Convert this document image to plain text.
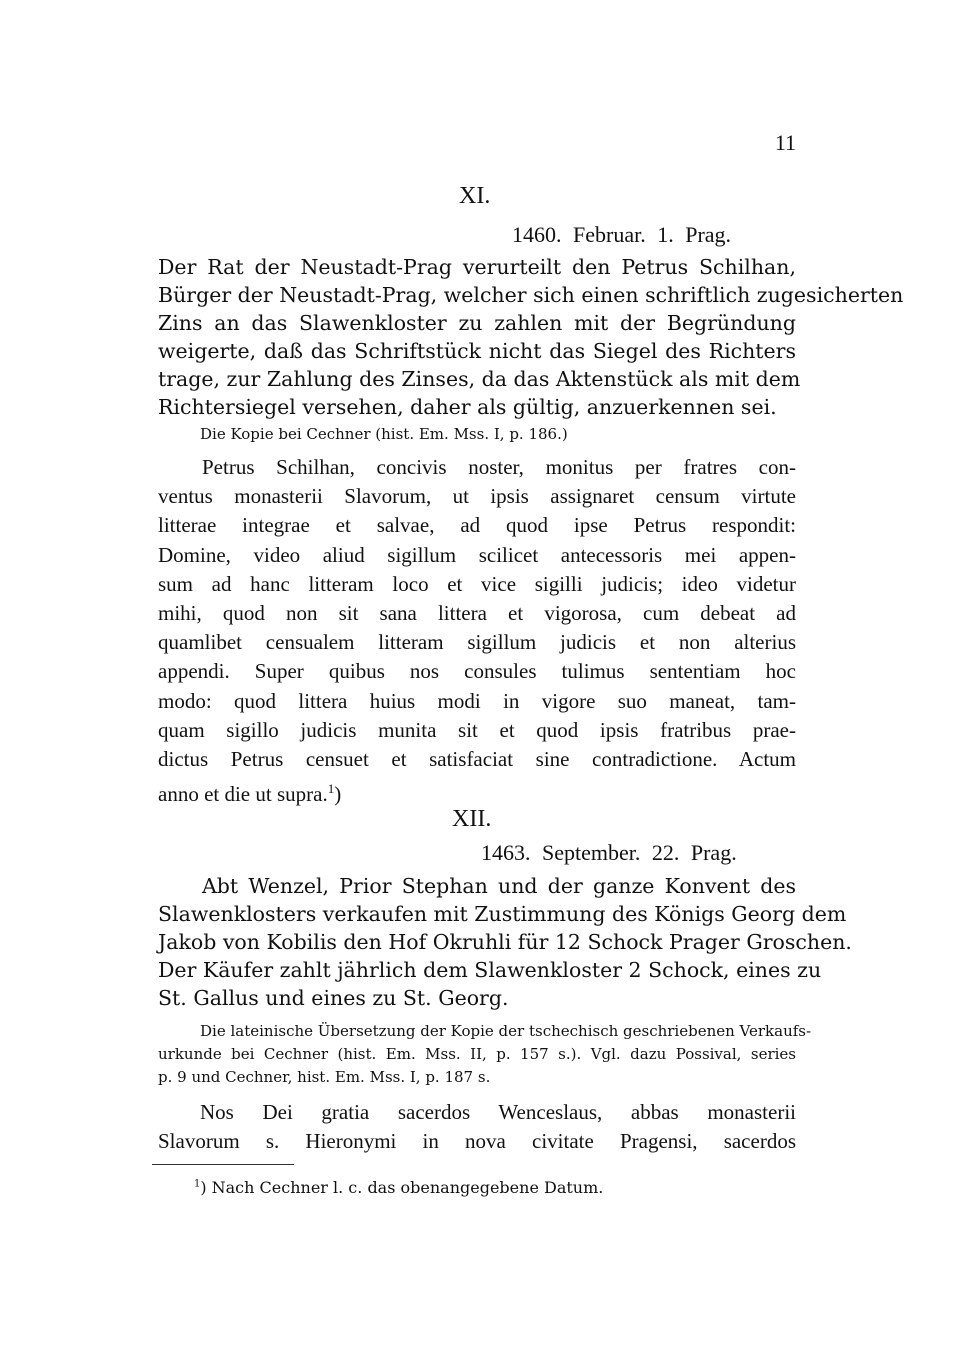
11
XI.
1460. Februar. 1. Prag.
Der Rat der Neustadt-Prag verurteilt den Petrus Schilhan,
Bürger der Neustadt-Prag, welcher sich einen schriftlich zugesicherten
Zins an das Slawenkloster zu zahlen mit der Begründung
weigerte, daß das Schriftstück nicht das Siegel des Richters
trage, zur Zahlung des Zinses, da das Aktenstück als mit dem
Richtersiegel versehen, daher als gültig, anzuerkennen sei.
Die Kopie bei Cechner (hist. Em. Mss. I, p. 186.)
Petrus Schilhan, concivis noster, monitus per fratres con-
ventus monasterii Slavorum, ut ipsis assignaret censum virtute
litterae integrae et salvae, ad quod ipse Petrus respondit:
Domine, video aliud sigillum scilicet antecessoris mei appen-
sum ad hanc litteram loco et vice sigilli judicis; ideo videtur
mihi, quod non sit sana littera et vigorosa, cum debeat ad
quamlibet censualem litteram sigillum judicis et non alterius
appendi. Super quibus nos consules tulimus sententiam hoc
modo: quod littera huius modi in vigore suo maneat, tam-
quam sigillo judicis munita sit et quod ipsis fratribus prae-
dictus Petrus censuet et satisfaciat sine contradictione. Actum
anno et die ut supra.$^1$)
XII.
1463. September. 22. Prag.
Abt Wenzel, Prior Stephan und der ganze Konvent des
Slawenklosters verkaufen mit Zustimmung des Königs Georg dem
Jakob von Kobilis den Hof Okruhli für 12 Schock Prager Groschen.
Der Käufer zahlt jährlich dem Slawenkloster 2 Schock, eines zu
St. Gallus und eines zu St. Georg.
Die lateinische Übersetzung der Kopie der tschechisch geschriebenen Verkaufs-
urkunde bei Cechner (hist. Em. Mss. II, p. 157 s.). Vgl. dazu Possival, series
p. 9 und Cechner, hist. Em. Mss. I, p. 187 s.
Nos Dei gratia sacerdos Wenceslaus, abbas monasterii
Slavorum s. Hieronymi in nova civitate Pragensi, sacerdos
$^1$) Nach Cechner l. c. das obenangegebene Datum.
